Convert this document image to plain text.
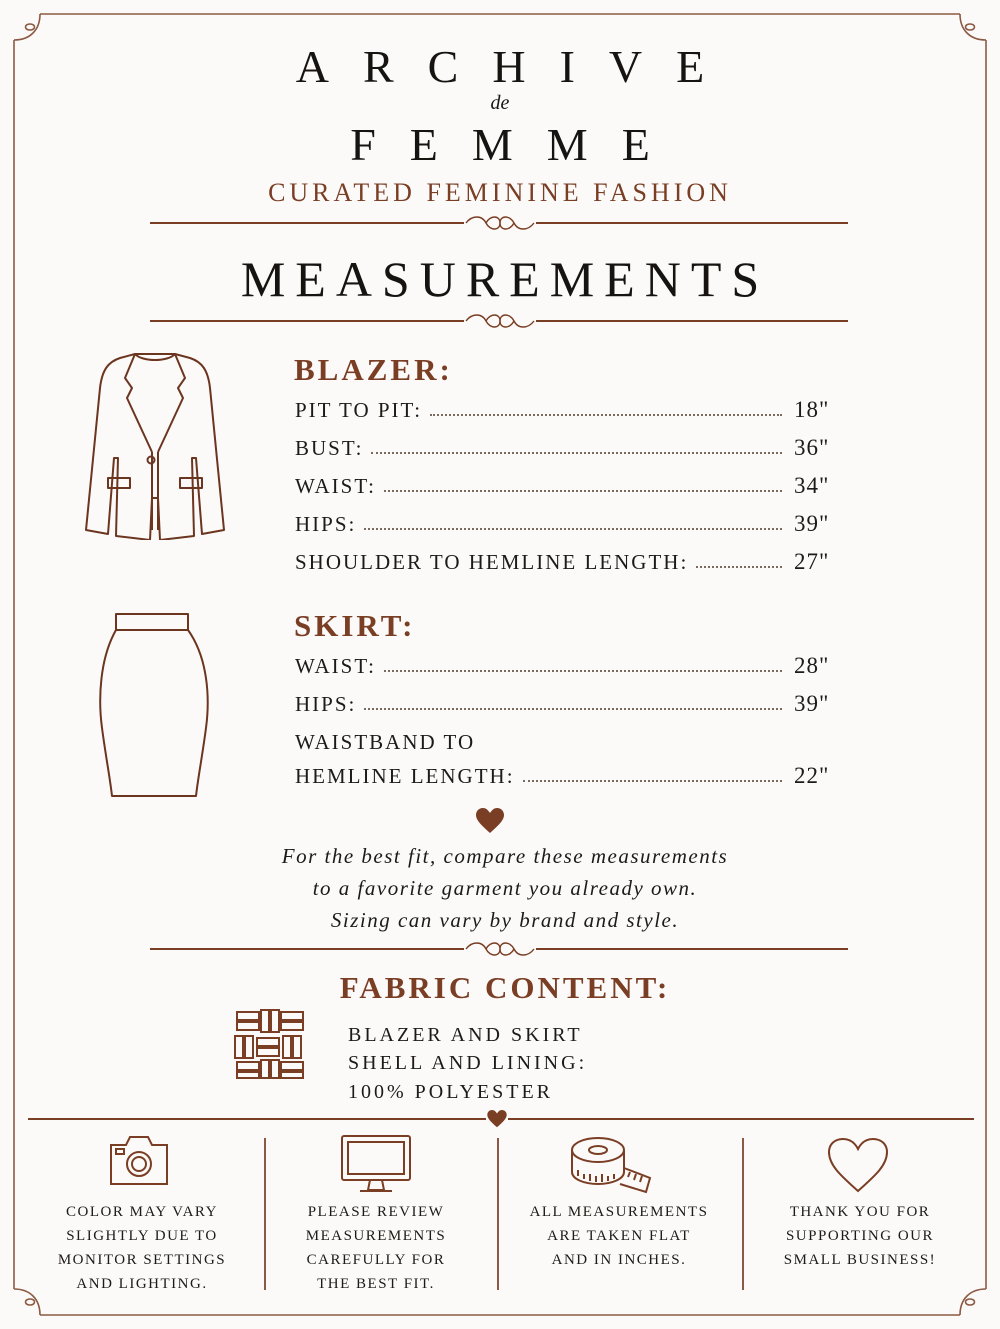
ARCHIVE
de
FEMME
CURATED FEMININE FASHION
MEASUREMENTS
BLAZER:
PIT TO PIT:	18"
BUST:	36"
WAIST:	34"
HIPS:	39"
SHOULDER TO HEMLINE LENGTH:	27"
SKIRT:
WAIST:	28"
HIPS:	39"
WAISTBAND TO
HEMLINE LENGTH:	22"
For the best fit, compare these measurements
to a favorite garment you already own.
Sizing can vary by brand and style.
FABRIC CONTENT:
BLAZER AND SKIRT
SHELL AND LINING:
100% POLYESTER
COLOR MAY VARY
SLIGHTLY DUE TO
MONITOR SETTINGS
AND LIGHTING.
PLEASE REVIEW
MEASUREMENTS
CAREFULLY FOR
THE BEST FIT.
ALL MEASUREMENTS
ARE TAKEN FLAT
AND IN INCHES.
THANK YOU FOR
SUPPORTING OUR
SMALL BUSINESS!
